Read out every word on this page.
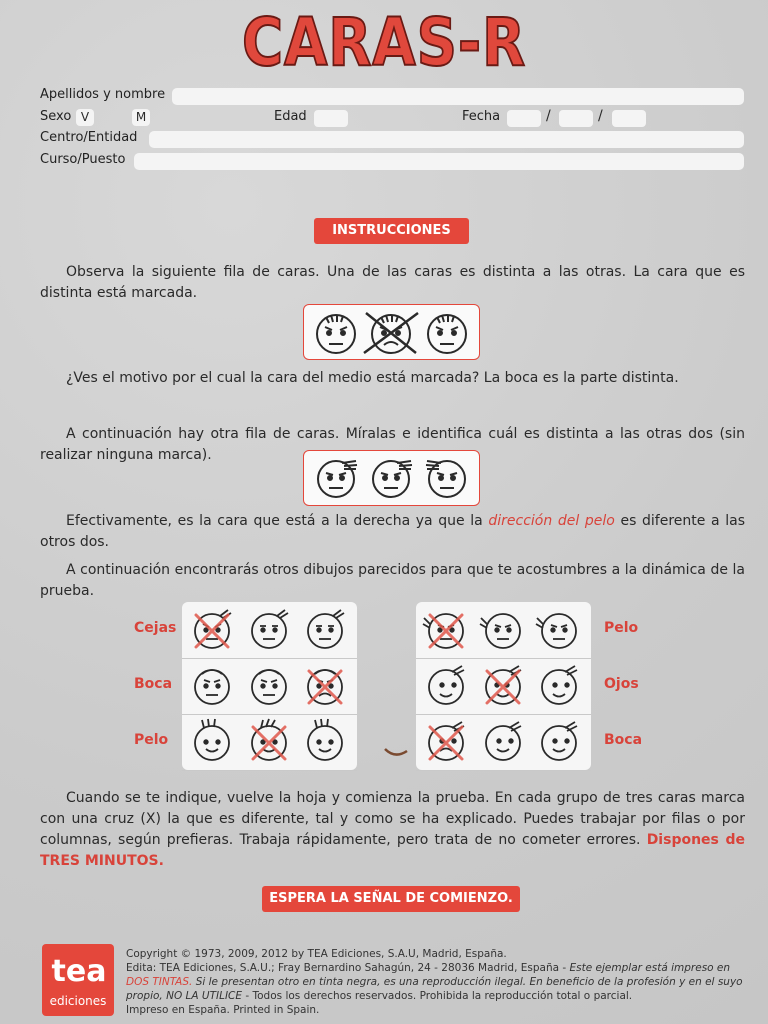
CARAS-R
Apellidos y nombre
Sexo V	M	Edad	Fecha	/	/
Centro/Entidad
Curso/Puesto
INSTRUCCIONES
Observa la siguiente fila de caras. Una de las caras es distinta a las otras. La cara que es distinta está marcada.
¿Ves el motivo por el cual la cara del medio está marcada? La boca es la parte distinta.
A continuación hay otra fila de caras. Míralas e identifica cuál es distinta a las otras dos (sin realizar ninguna marca).
Efectivamente, es la cara que está a la derecha ya que la dirección del pelo es diferente a las otros dos.
A continuación encontrarás otros dibujos parecidos para que te acostumbres a la dinámica de la prueba.
Cejas
Boca
Pelo
Pelo
Ojos
Boca
Cuando se te indique, vuelve la hoja y comienza la prueba. En cada grupo de tres caras marca con una cruz (X) la que es diferente, tal y como se ha explicado. Puedes trabajar por filas o por columnas, según prefieras. Trabaja rápidamente, pero trata de no cometer errores. Dispones de TRES MINUTOS.
ESPERA LA SEÑAL DE COMIENZO.
tea
ediciones
Copyright © 1973, 2009, 2012 by TEA Ediciones, S.A.U, Madrid, España.
Edita: TEA Ediciones, S.A.U.; Fray Bernardino Sahagún, 24 - 28036 Madrid, España - Este ejemplar está impreso en DOS TINTAS. Si le presentan otro en tinta negra, es una reproducción ilegal. En beneficio de la profesión y en el suyo propio, NO LA UTILICE - Todos los derechos reservados. Prohibida la reproducción total o parcial.
Impreso en España. Printed in Spain.
